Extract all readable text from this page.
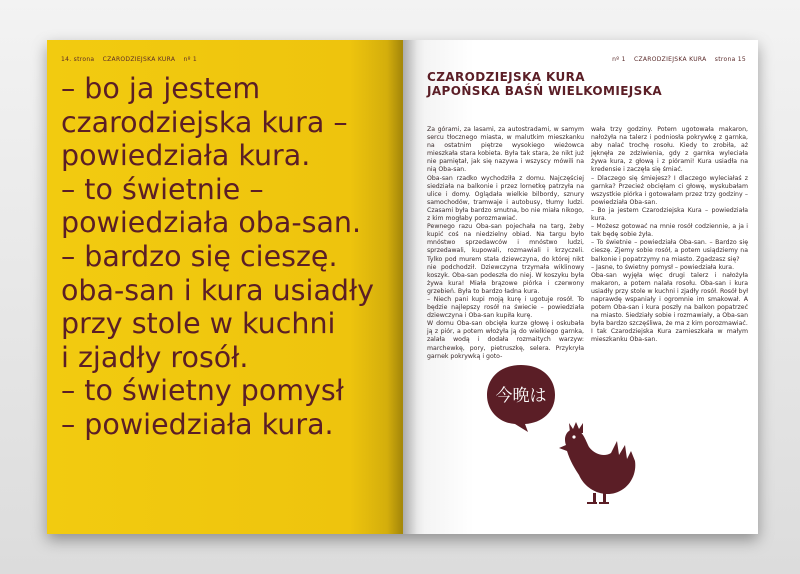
14. strona CZARODZIEJSKA KURA nº 1
– bo ja jestem
czarodziejska kura –
powiedziała kura.
– to świetnie –
powiedziała oba-san.
– bardzo się cieszę.
oba-san i kura usiadły
przy stole w kuchni
i zjadły rosół.
– to świetny pomysł
– powiedziała kura.
nº 1 CZARODZIEJSKA KURA strona 15
CZARODZIEJSKA KURA
JAPOŃSKA BAŚŃ WIELKOMIEJSKA

Za górami, za lasami, za autostradami, w samym sercu tłocznego miasta, w malutkim mieszkanku na ostatnim piętrze wysokiego wieżowca mieszkała stara kobieta. Była tak stara, że nikt już nie pamiętał, jak się nazywa i wszyscy mówili na nią Oba-san.

Oba-san rzadko wychodziła z domu. Najczęściej siedziała na balkonie i przez lornetkę patrzyła na ulice i domy. Oglądała wielkie bilbordy, sznury samochodów, tramwaje i autobusy, tłumy ludzi. Czasami była bardzo smutna, bo nie miała nikogo, z kim mogłaby porozmawiać.

Pewnego razu Oba-san pojechała na targ, żeby kupić coś na niedzielny obiad. Na targu było mnóstwo sprzedawców i mnóstwo ludzi, sprzedawali, kupowali, rozmawiali i krzyczeli. Tylko pod murem stała dziewczyna, do której nikt nie podchodził. Dziewczyna trzymała wiklinowy koszyk. Oba-san podeszła do niej. W koszyku była żywa kura! Miała brązowe piórka i czerwony grzebień. Była to bardzo ładna kura.

– Niech pani kupi moją kurę i ugotuje rosół. To będzie najlepszy rosół na świecie – powiedziała dziewczyna i Oba-san kupiła kurę.

W domu Oba-san obcięła kurze głowę i oskubała ją z piór, a potem włożyła ją do wielkiego garnka, zalała wodą i dodała rozmaitych warzyw: marchewkę, pory, pietruszkę, selera. Przykryła garnek pokrywką i goto-

wała trzy godziny. Potem ugotowała makaron, nałożyła na talerz i podniosła pokrywkę z garnka, aby nalać trochę rosołu. Kiedy to zrobiła, aż jęknęła ze zdziwienia, gdy z garnka wyleciała żywa kura, z głową i z piórami! Kura usiadła na kredensie i zaczęła się śmiać.

– Dlaczego się śmiejesz? I dlaczego wyleciałaś z garnka? Przecież obcięłam ci głowę, wyskubałam wszystkie piórka i gotowałam przez trzy godziny – powiedziała Oba-san.

– Bo ja jestem Czarodziejska Kura – powiedziała kura.

– Możesz gotować na mnie rosół codziennie, a ja i tak będę sobie żyła.

– To świetnie – powiedziała Oba-san. – Bardzo się cieszę. Zjemy sobie rosół, a potem usiądziemy na balkonie i popatrzymy na miasto. Zgadzasz się?

– Jasne, to świetny pomysł – powiedziała kura.

Oba-san wyjęła więc drugi talerz i nałożyła makaron, a potem nalała rosołu. Oba-san i kura usiadły przy stole w kuchni i zjadły rosół. Rosół był naprawdę wspaniały i ogromnie im smakował. A potem Oba-san i kura poszły na balkon popatrzeć na miasto. Siedziały sobie i rozmawiały, a Oba-san była bardzo szczęśliwa, że ma z kim porozmawiać.

I tak Czarodziejska Kura zamieszkała w małym mieszkanku Oba-san.

今晩は
